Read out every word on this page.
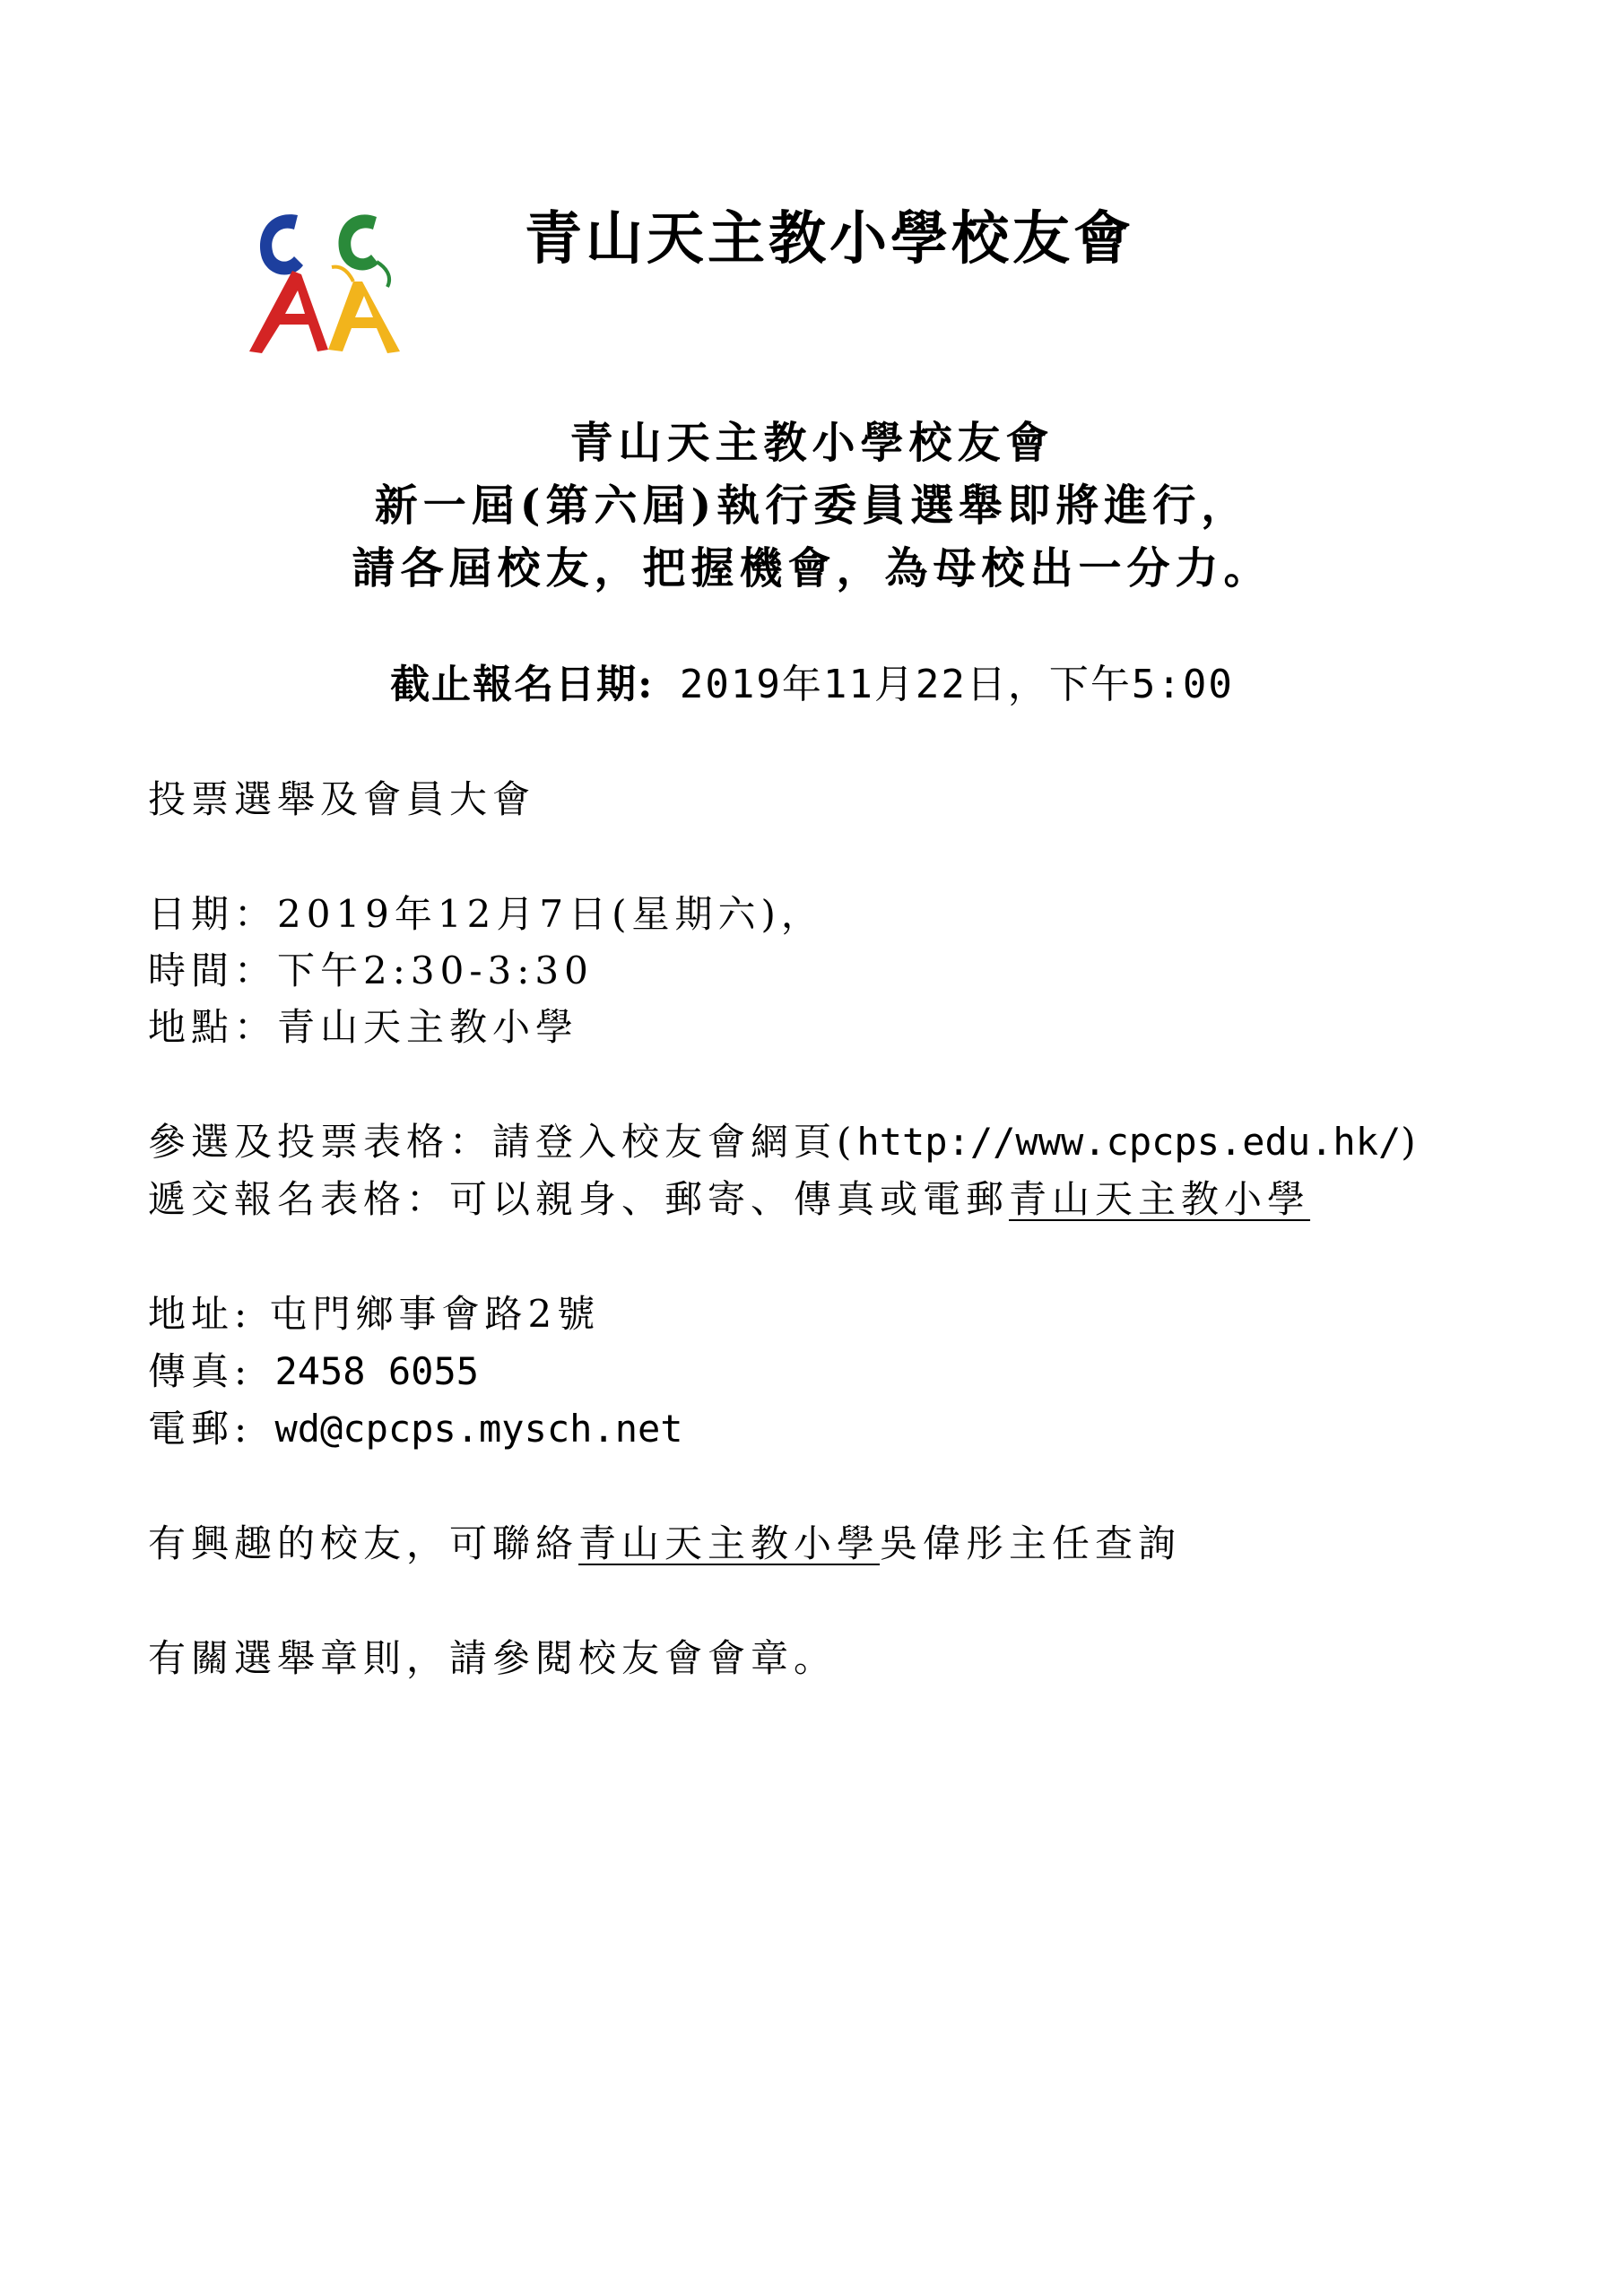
青山天主教小學校友會
青山天主教小學校友會
新一屆(第六屆)執行委員選舉即將進行，
請各屆校友，把握機會，為母校出一分力。
截止報名日期: 2019年11月22日，下午5:00
投票選舉及會員大會
日期：2019年12月7日(星期六)，
時間：下午2:30-3:30
地點：青山天主教小學
參選及投票表格：請登入校友會網頁(http://www.cpcps.edu.hk/)
遞交報名表格：可以親身、郵寄、傳真或電郵青山天主教小學
地址: 屯門鄉事會路2號
傳真: 2458 6055
電郵: wd@cpcps.mysch.net
有興趣的校友，可聯絡青山天主教小學吳偉彤主任查詢
有關選舉章則，請參閱校友會會章。
